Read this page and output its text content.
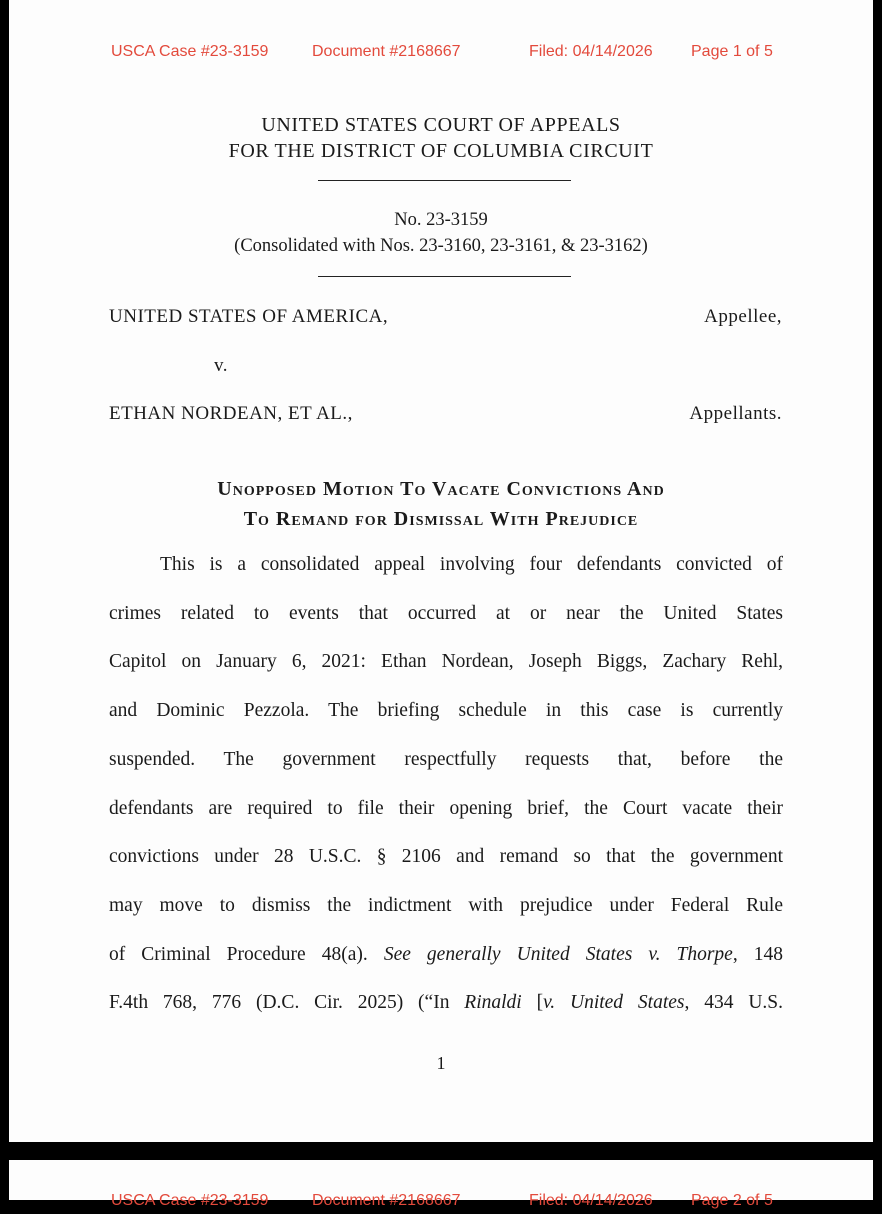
USCA Case #23-3159	Document #2168667	Filed: 04/14/2026 Page 1 of 5
UNITED STATES COURT OF APPEALS
FOR THE DISTRICT OF COLUMBIA CIRCUIT
No. 23-3159
(Consolidated with Nos. 23-3160, 23-3161, & 23-3162)
UNITED STATES OF AMERICA,	Appellee,
v.
ETHAN NORDEAN, ET AL.,	Appellants.
Unopposed Motion To Vacate Convictions And
To Remand for Dismissal With Prejudice
This is a consolidated appeal involving four defendants convicted of
crimes related to events that occurred at or near the United States
Capitol on January 6, 2021: Ethan Nordean, Joseph Biggs, Zachary Rehl,
and Dominic Pezzola. The briefing schedule in this case is currently
suspended. The government respectfully requests that, before the
defendants are required to file their opening brief, the Court vacate their
convictions under 28 U.S.C. § 2106 and remand so that the government
may move to dismiss the indictment with prejudice under Federal Rule
of Criminal Procedure 48(a). See generally United States v. Thorpe, 148
F.4th 768, 776 (D.C. Cir. 2025) (“In Rinaldi [v. United States, 434 U.S.
1
USCA Case #23-3159	Document #2168667	Filed: 04/14/2026 Page 2 of 5
